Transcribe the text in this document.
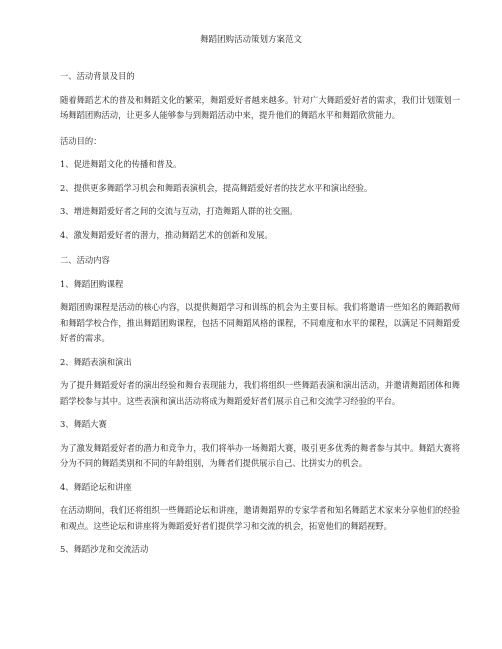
舞蹈团购活动策划方案范文

一、活动背景及目的

随着舞蹈艺术的普及和舞蹈文化的繁荣，舞蹈爱好者越来越多。针对广大舞蹈爱好者的需求，我们计划策划一场舞蹈团购活动，让更多人能够参与到舞蹈活动中来，提升他们的舞蹈水平和舞蹈欣赏能力。

活动目的：

1、促进舞蹈文化的传播和普及。

2、提供更多舞蹈学习机会和舞蹈表演机会，提高舞蹈爱好者的技艺水平和演出经验。

3、增进舞蹈爱好者之间的交流与互动，打造舞蹈人群的社交圈。

4、激发舞蹈爱好者的潜力，推动舞蹈艺术的创新和发展。

二、活动内容

1、舞蹈团购课程

舞蹈团购课程是活动的核心内容，以提供舞蹈学习和训练的机会为主要目标。我们将邀请一些知名的舞蹈教师和舞蹈学校合作，推出舞蹈团购课程，包括不同舞蹈风格的课程，不同难度和水平的课程，以满足不同舞蹈爱好者的需求。

2、舞蹈表演和演出

为了提升舞蹈爱好者的演出经验和舞台表现能力，我们将组织一些舞蹈表演和演出活动，并邀请舞蹈团体和舞蹈学校参与其中。这些表演和演出活动将成为舞蹈爱好者们展示自己和交流学习经验的平台。

3、舞蹈大赛

为了激发舞蹈爱好者的潜力和竞争力，我们将举办一场舞蹈大赛，吸引更多优秀的舞者参与其中。舞蹈大赛将分为不同的舞蹈类别和不同的年龄组别，为舞者们提供展示自己、比拼实力的机会。

4、舞蹈论坛和讲座

在活动期间，我们还将组织一些舞蹈论坛和讲座，邀请舞蹈界的专家学者和知名舞蹈艺术家来分享他们的经验和观点。这些论坛和讲座将为舞蹈爱好者们提供学习和交流的机会，拓宽他们的舞蹈视野。

5、舞蹈沙龙和交流活动
